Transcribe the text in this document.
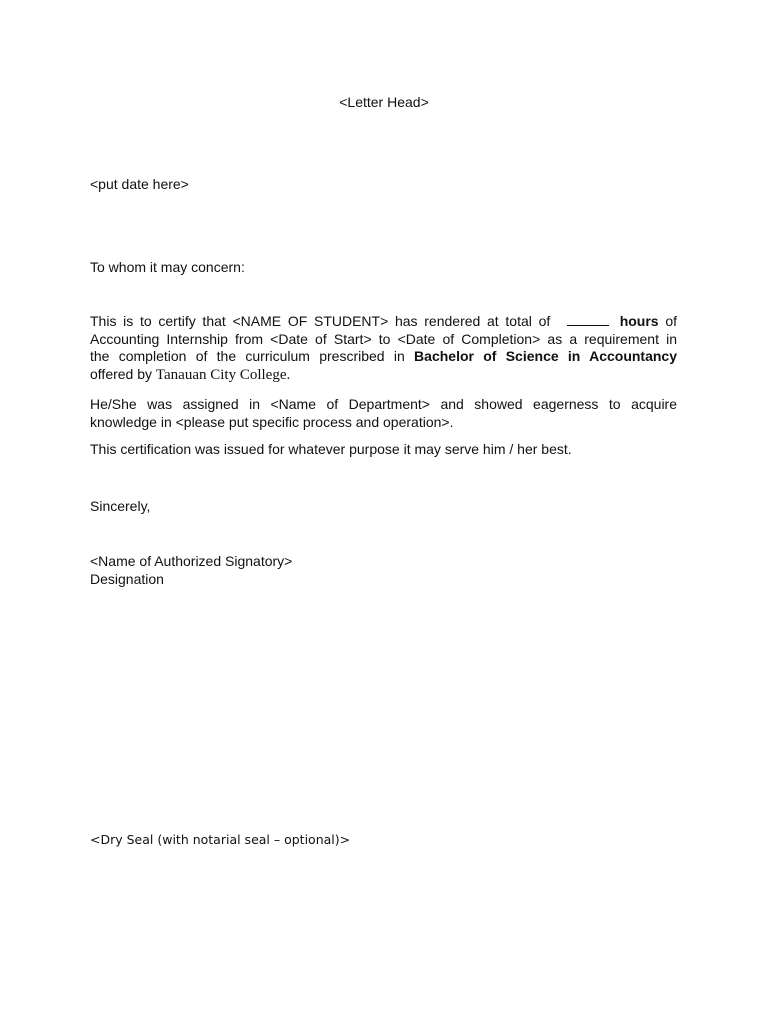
<Letter Head>
<put date here>
To whom it may concern:
This is to certify that <NAME OF STUDENT> has rendered at total of	hours of
Accounting Internship from <Date of Start> to <Date of Completion> as a requirement in
the completion of the curriculum prescribed in Bachelor of Science in Accountancy
offered by Tanauan City College.
He/She was assigned in <Name of Department> and showed eagerness to acquire
knowledge in <please put specific process and operation>.
This certification was issued for whatever purpose it may serve him / her best.
Sincerely,
<Name of Authorized Signatory>
Designation
<Dry Seal (with notarial seal – optional)>
